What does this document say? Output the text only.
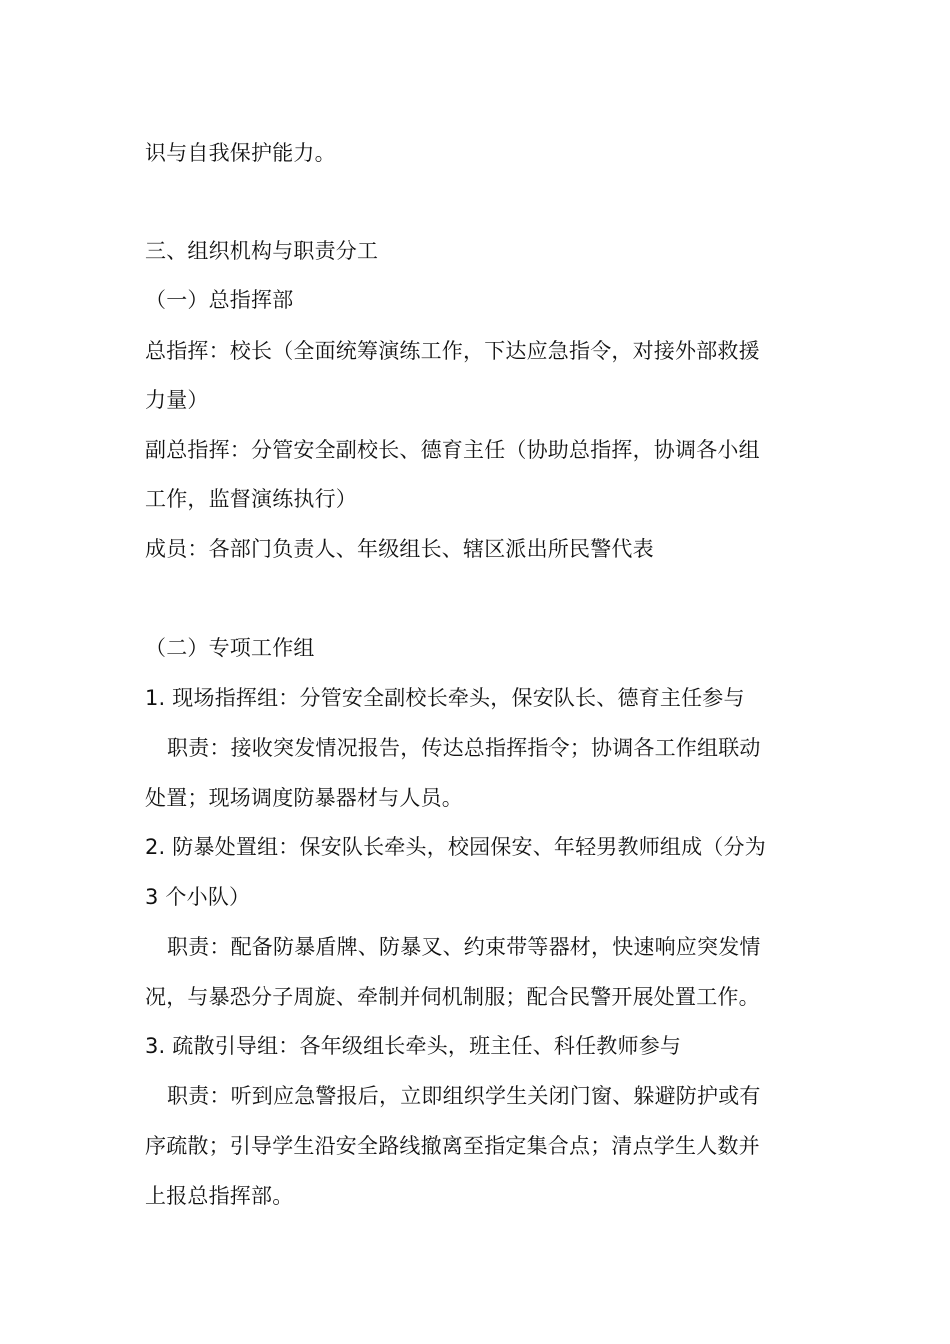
识与自我保护能力。
三、组织机构与职责分工
（一）总指挥部
总指挥：校长（全面统筹演练工作，下达应急指令，对接外部救援
力量）
副总指挥：分管安全副校长、德育主任（协助总指挥，协调各小组
工作，监督演练执行）
成员：各部门负责人、年级组长、辖区派出所民警代表
（二）专项工作组
1. 现场指挥组：分管安全副校长牵头，保安队长、德育主任参与
职责：接收突发情况报告，传达总指挥指令；协调各工作组联动
处置；现场调度防暴器材与人员。
2. 防暴处置组：保安队长牵头，校园保安、年轻男教师组成（分为
3 个小队）
职责：配备防暴盾牌、防暴叉、约束带等器材，快速响应突发情
况，与暴恐分子周旋、牵制并伺机制服；配合民警开展处置工作。
3. 疏散引导组：各年级组长牵头，班主任、科任教师参与
职责：听到应急警报后，立即组织学生关闭门窗、躲避防护或有
序疏散；引导学生沿安全路线撤离至指定集合点；清点学生人数并
上报总指挥部。
